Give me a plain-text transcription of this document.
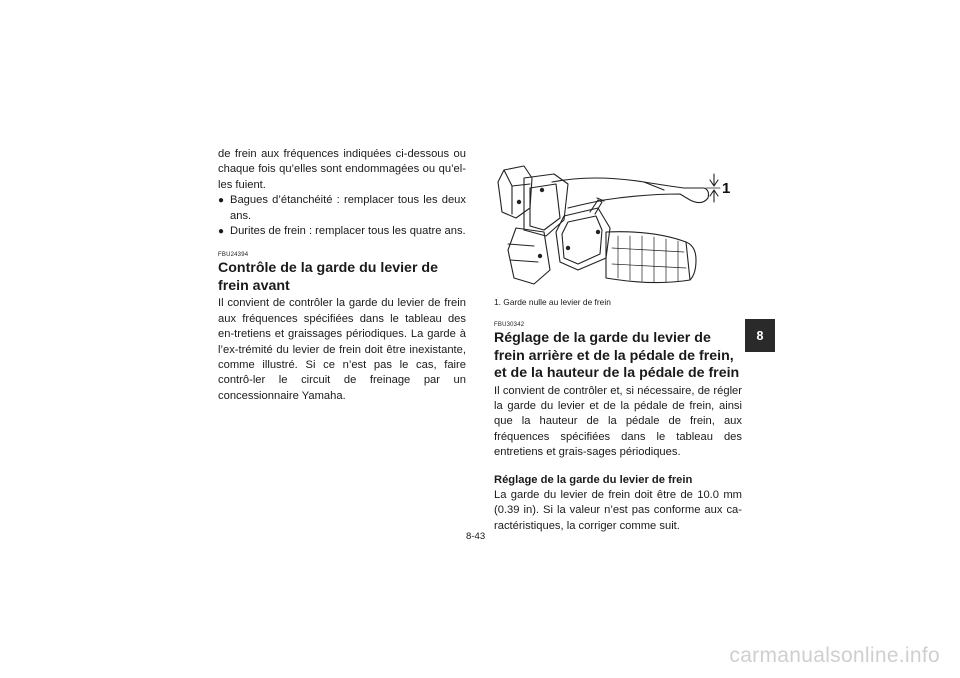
de frein aux fréquences indiquées ci-dessous ou chaque fois qu’elles sont endommagées ou qu’el-les fuient.

● Bagues d’étanchéité : remplacer tous les deux ans.
● Durites de frein : remplacer tous les quatre ans.
FBU24394
Contrôle de la garde du levier de frein avant

Il convient de contrôler la garde du levier de frein aux fréquences spécifiées dans le tableau des en-tretiens et graissages périodiques. La garde à l’ex-trémité du levier de frein doit être inexistante, comme illustré. Si ce n’est pas le cas, faire contrô-ler le circuit de freinage par un concessionnaire Yamaha.

1
1. Garde nulle au levier de frein
FBU30342
Réglage de la garde du levier de frein arrière et de la pédale de frein, et de la hauteur de la pédale de frein

Il convient de contrôler et, si nécessaire, de régler la garde du levier et de la pédale de frein, ainsi que la hauteur de la pédale de frein, aux fréquences spécifiées dans le tableau des entretiens et grais-sages périodiques.

Réglage de la garde du levier de frein

La garde du levier de frein doit être de 10.0 mm (0.39 in). Si la valeur n’est pas conforme aux ca-ractéristiques, la corriger comme suit.

8-43
8
carmanualsonline.info
